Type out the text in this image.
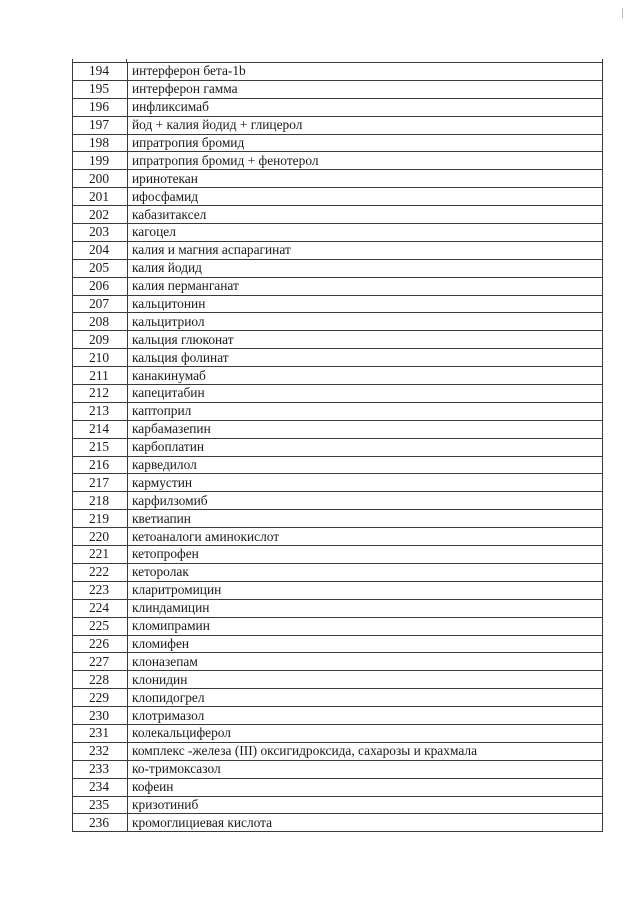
194	интерферон бета-1b
195	интерферон гамма
196	инфликсимаб
197	йод + калия йодид + глицерол
198	ипратропия бромид
199	ипратропия бромид + фенотерол
200	иринотекан
201	ифосфамид
202	кабазитаксел
203	кагоцел
204	калия и магния аспарагинат
205	калия йодид
206	калия перманганат
207	кальцитонин
208	кальцитриол
209	кальция глюконат
210	кальция фолинат
211	канакинумаб
212	капецитабин
213	каптоприл
214	карбамазепин
215	карбоплатин
216	карведилол
217	кармустин
218	карфилзомиб
219	кветиапин
220	кетоаналоги аминокислот
221	кетопрофен
222	кеторолак
223	кларитромицин
224	клиндамицин
225	кломипрамин
226	кломифен
227	клоназепам
228	клонидин
229	клопидогрел
230	клотримазол
231	колекальциферол
232	комплекс -железа (III) оксигидроксида, сахарозы и крахмала
233	ко-тримоксазол
234	кофеин
235	кризотиниб
236	кромоглициевая кислота
